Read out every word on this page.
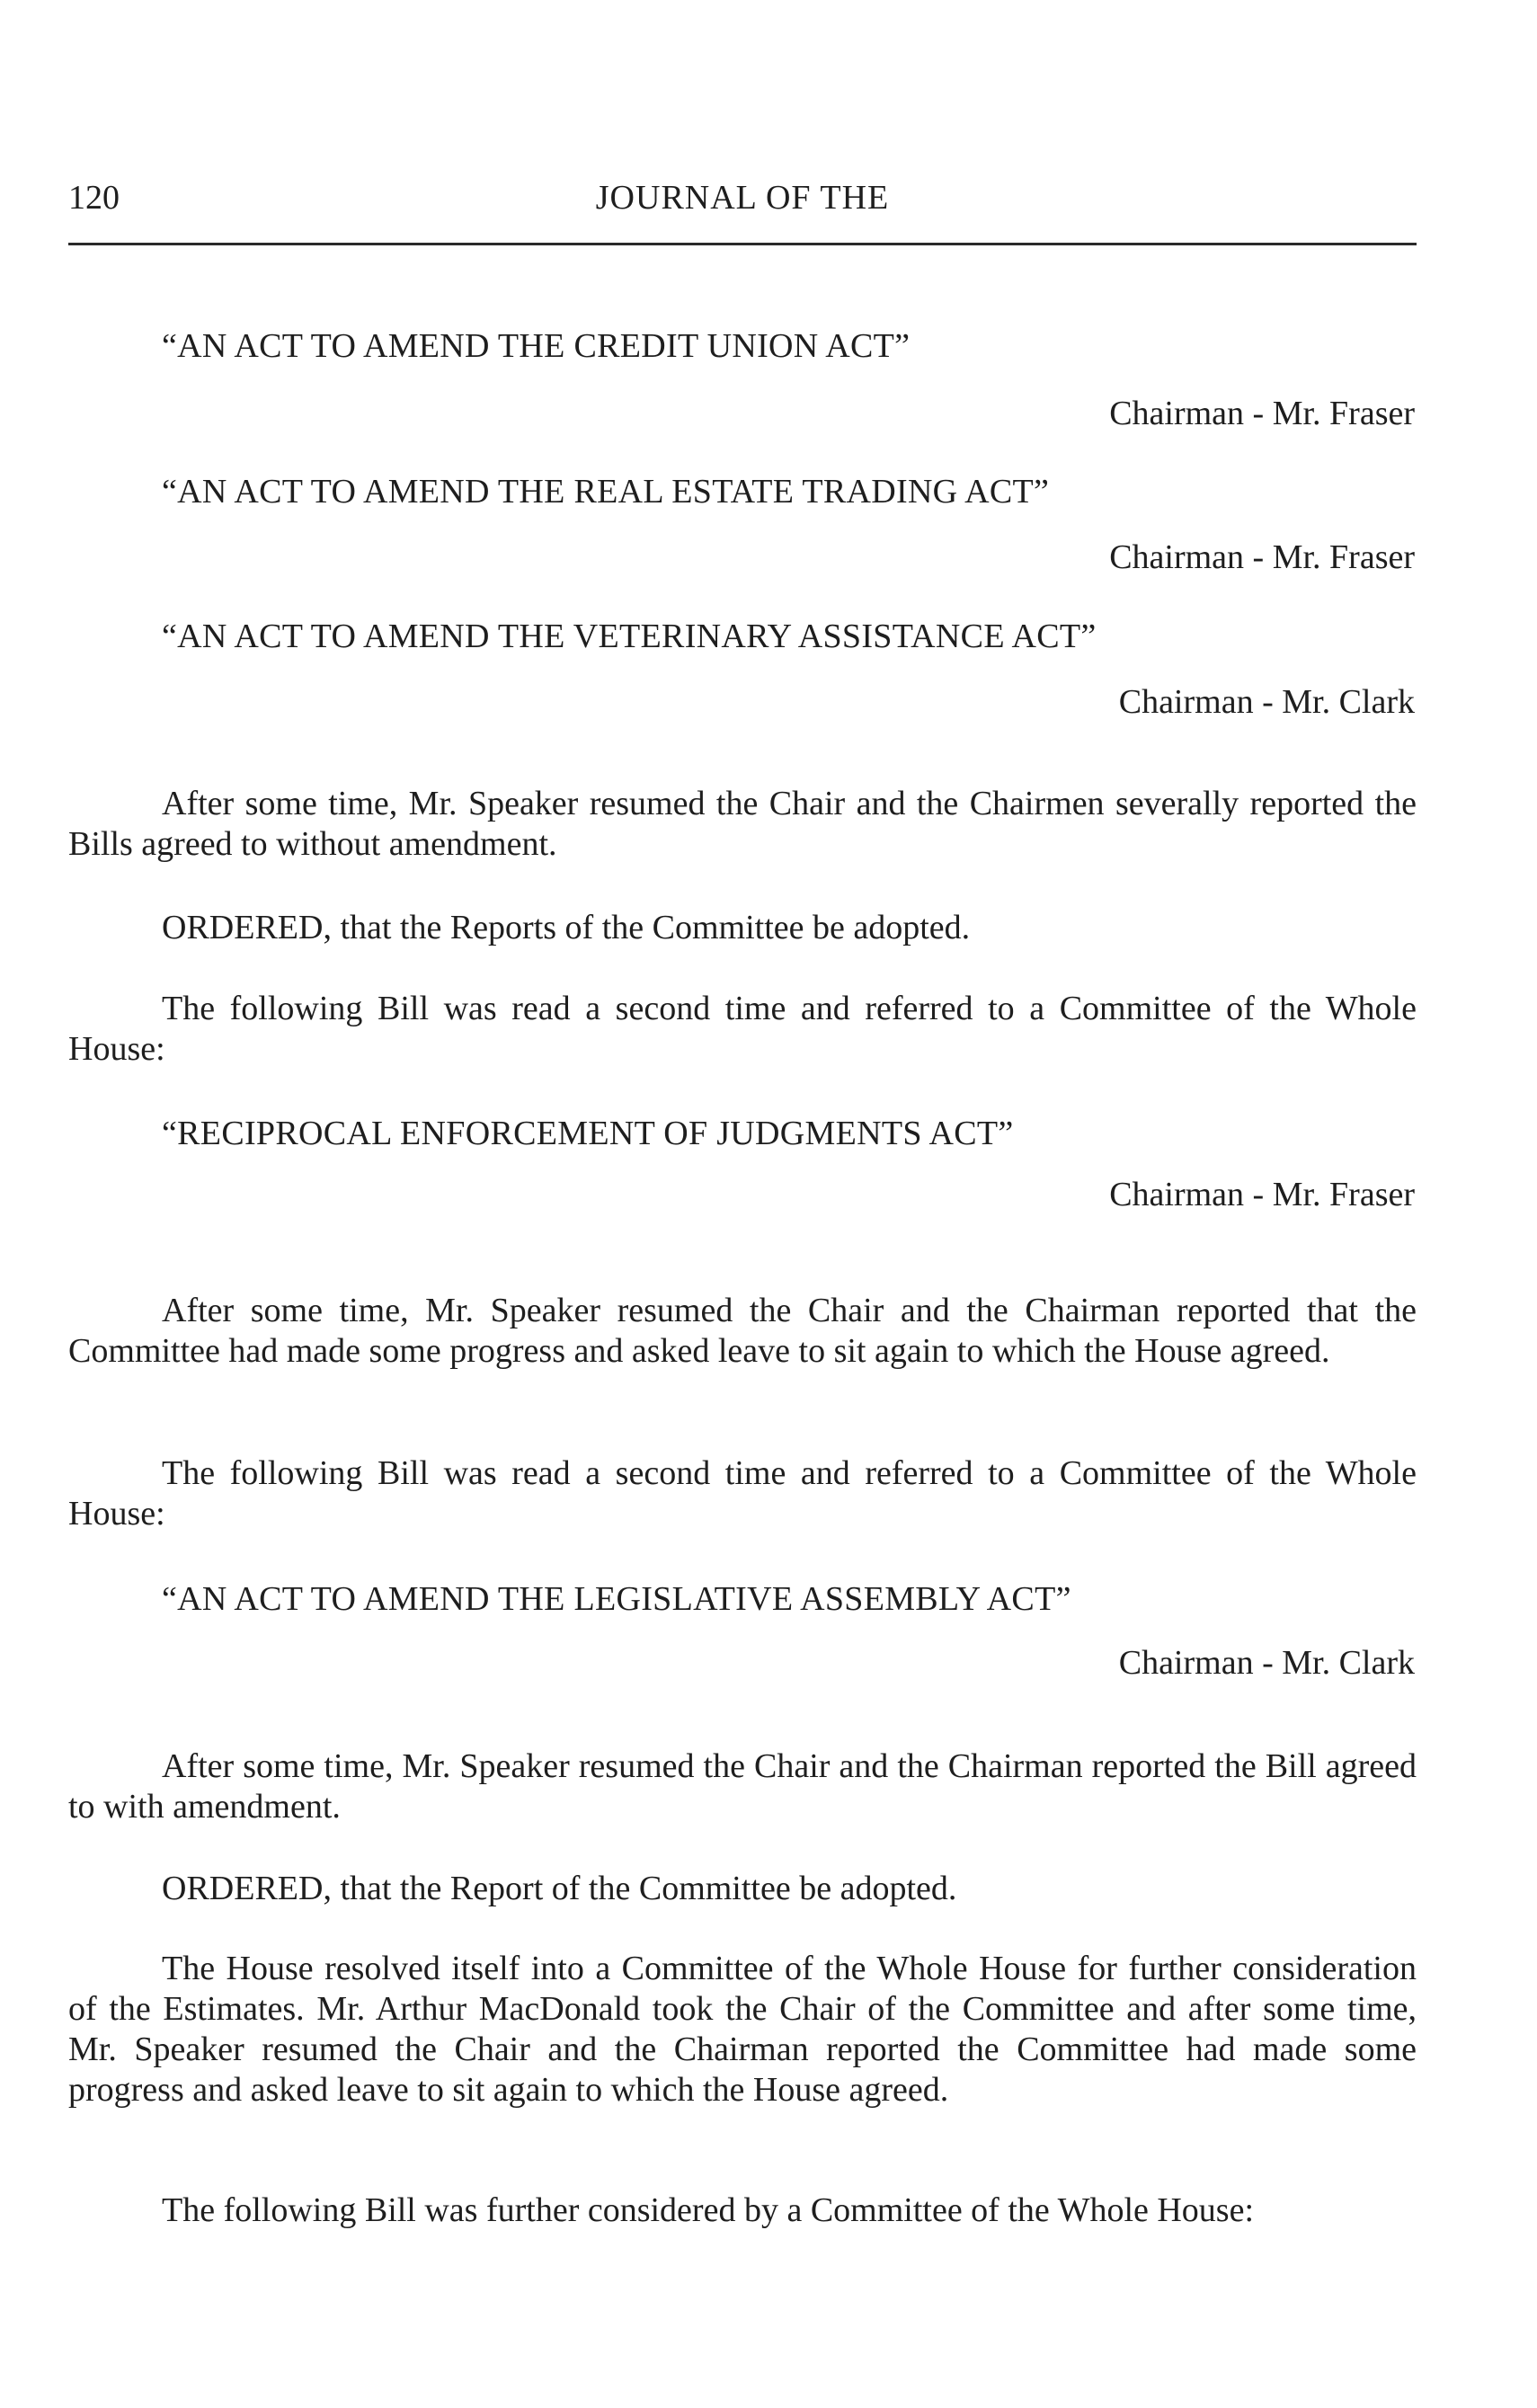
120	JOURNAL OF THE
“AN ACT TO AMEND THE CREDIT UNION ACT”
Chairman - Mr. Fraser
“AN ACT TO AMEND THE REAL ESTATE TRADING ACT”
Chairman - Mr. Fraser
“AN ACT TO AMEND THE VETERINARY ASSISTANCE ACT”
Chairman - Mr. Clark

After some time, Mr. Speaker resumed the Chair and the Chairmen severally reported the Bills agreed to without amendment.

ORDERED, that the Reports of the Committee be adopted.

The following Bill was read a second time and referred to a Committee of the Whole House:

“RECIPROCAL ENFORCEMENT OF JUDGMENTS ACT”
Chairman - Mr. Fraser

After some time, Mr. Speaker resumed the Chair and the Chairman reported that the Committee had made some progress and asked leave to sit again to which the House agreed.

The following Bill was read a second time and referred to a Committee of the Whole House:

“AN ACT TO AMEND THE LEGISLATIVE ASSEMBLY ACT”
Chairman - Mr. Clark

After some time, Mr. Speaker resumed the Chair and the Chairman reported the Bill agreed to with amendment.

ORDERED, that the Report of the Committee be adopted.

The House resolved itself into a Committee of the Whole House for further consideration of the Estimates. Mr. Arthur MacDonald took the Chair of the Committee and after some time, Mr. Speaker resumed the Chair and the Chairman reported the Committee had made some progress and asked leave to sit again to which the House agreed.

The following Bill was further considered by a Committee of the Whole House:
